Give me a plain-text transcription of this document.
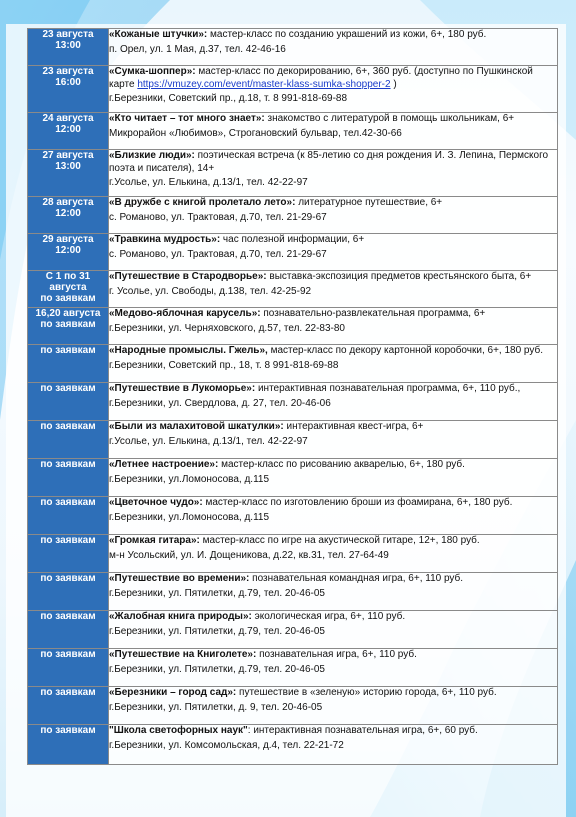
23 августа
13:00	«Кожаные штучки»: мастер-класс по созданию украшений из кожи, 6+, 180 руб.
п. Орел, ул. 1 Мая, д.37, тел. 42-46-16

23 августа
16:00	«Сумка-шоппер»: мастер-класс по декорированию, 6+, 360 руб. (доступно по Пушкинской карте https://vmuzey.com/event/master-klass-sumka-shopper-2 )
г.Березники, Советский пр., д.18, т. 8 991-818-69-88

24 августа
12:00	«Кто читает – тот много знает»: знакомство с литературой в помощь школьникам, 6+
Микрорайон «Любимов», Строгановский бульвар, тел.42-30-66

27 августа
13:00	«Близкие люди»: поэтическая встреча (к 85-летию со дня рождения И. З. Лепина, Пермского поэта и писателя), 14+
г.Усолье, ул. Елькина, д.13/1, тел. 42-22-97

28 августа
12:00	«В дружбе с книгой пролетало лето»: литературное путешествие, 6+
с. Романово, ул. Трактовая, д.70, тел. 21-29-67

29 августа
12:00	«Травкина мудрость»: час полезной информации, 6+
с. Романово, ул. Трактовая, д.70, тел. 21-29-67

С 1 по 31
августа
по заявкам	«Путешествие в Стародворье»: выставка-экспозиция предметов крестьянского быта, 6+
г. Усолье, ул. Свободы, д.138, тел. 42-25-92

16,20 августа
по заявкам	«Медово-яблочная карусель»: познавательно-развлекательная программа, 6+
г.Березники, ул. Черняховского, д.57, тел. 22-83-80

по заявкам	«Народные промыслы. Гжель», мастер-класс по декору картонной коробочки, 6+, 180 руб.
г.Березники, Советский пр., 18, т. 8 991-818-69-88

по заявкам	«Путешествие в Лукоморье»: интерактивная познавательная программа, 6+, 110 руб.,
г.Березники, ул. Свердлова, д. 27, тел. 20-46-06

по заявкам	«Были из малахитовой шкатулки»: интерактивная квест-игра, 6+
г.Усолье, ул. Елькина, д.13/1, тел. 42-22-97

по заявкам	«Летнее настроение»: мастер-класс по рисованию акварелью, 6+, 180 руб.
г.Березники, ул.Ломоносова, д.115

по заявкам	«Цветочное чудо»: мастер-класс по изготовлению броши из фоамирана, 6+, 180 руб.
г.Березники, ул.Ломоносова, д.115

по заявкам	«Громкая гитара»: мастер-класс по игре на акустической гитаре, 12+, 180 руб.
м-н Усольский, ул. И. Дощеникова, д.22, кв.31, тел. 27-64-49

по заявкам	«Путешествие во времени»: познавательная командная игра, 6+, 110 руб.
г.Березники, ул. Пятилетки, д.79, тел. 20-46-05

по заявкам	«Жалобная книга природы»: экологическая игра, 6+, 110 руб.
г.Березники, ул. Пятилетки, д.79, тел. 20-46-05

по заявкам	«Путешествие на Книголете»: познавательная игра, 6+, 110 руб.
г.Березники, ул. Пятилетки, д.79, тел. 20-46-05

по заявкам	«Березники – город сад»: путешествие в «зеленую» историю города, 6+, 110 руб.
г.Березники, ул. Пятилетки, д. 9, тел. 20-46-05

по заявкам	"Школа светофорных наук": интерактивная познавательная игра, 6+, 60 руб.
г.Березники, ул. Комсомольская, д.4, тел. 22-21-72
